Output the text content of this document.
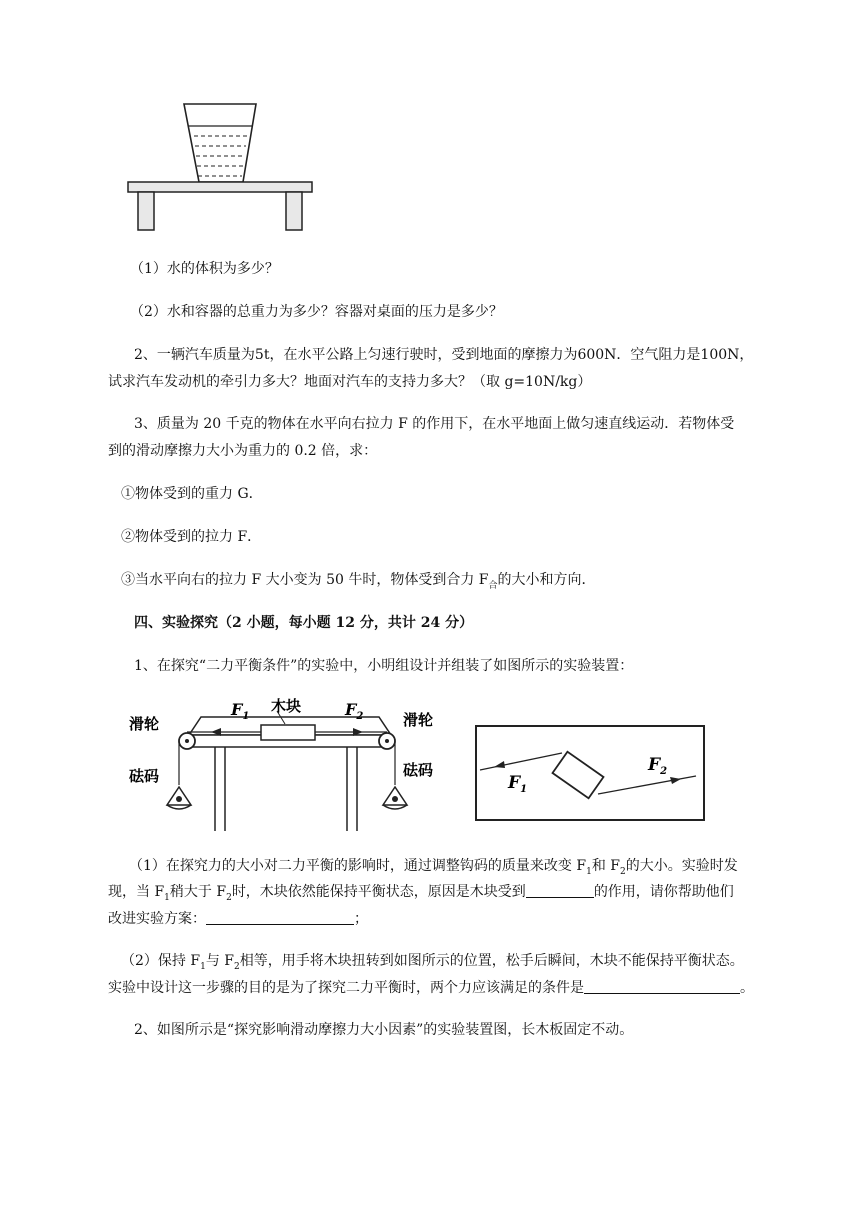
（1）水的体积为多少？
（2）水和容器的总重力为多少？容器对桌面的压力是多少？
2、一辆汽车质量为5t，在水平公路上匀速行驶时，受到地面的摩擦力为600N．空气阻力是100N，
试求汽车发动机的牵引力多大？地面对汽车的支持力多大？（取 g=10N/kg）
3、质量为 20 千克的物体在水平向右拉力 F 的作用下，在水平地面上做匀速直线运动．若物体受
到的滑动摩擦力大小为重力的 0.2 倍，求：
①物体受到的重力 G．
②物体受到的拉力 F．
③当水平向右的拉力 F 大小变为 50 牛时，物体受到合力 $F_合$的大小和方向．
四、实验探究（2 小题，每小题 12 分，共计 24 分）
1、在探究“二力平衡条件”的实验中，小明组设计并组装了如图所示的实验装置：
滑轮	滑轮
木块
砝码	砝码
$F_1$	$F_2$
$F_1$
$F_2$
（1）在探究力的大小对二力平衡的影响时，通过调整钩码的质量来改变 $F_1$和 $F_2$的大小。实验时发
现，当 $F_1$稍大于 $F_2$时，木块依然能保持平衡状态，原因是木块受到	的作用，请你帮助他们
改进实验方案：	；
（2）保持 $F_1$与 $F_2$相等，用手将木块扭转到如图所示的位置，松手后瞬间，木块不能保持平衡状态。
实验中设计这一步骤的目的是为了探究二力平衡时，两个力应该满足的条件是	。
2、如图所示是“探究影响滑动摩擦力大小因素”的实验装置图，长木板固定不动。
